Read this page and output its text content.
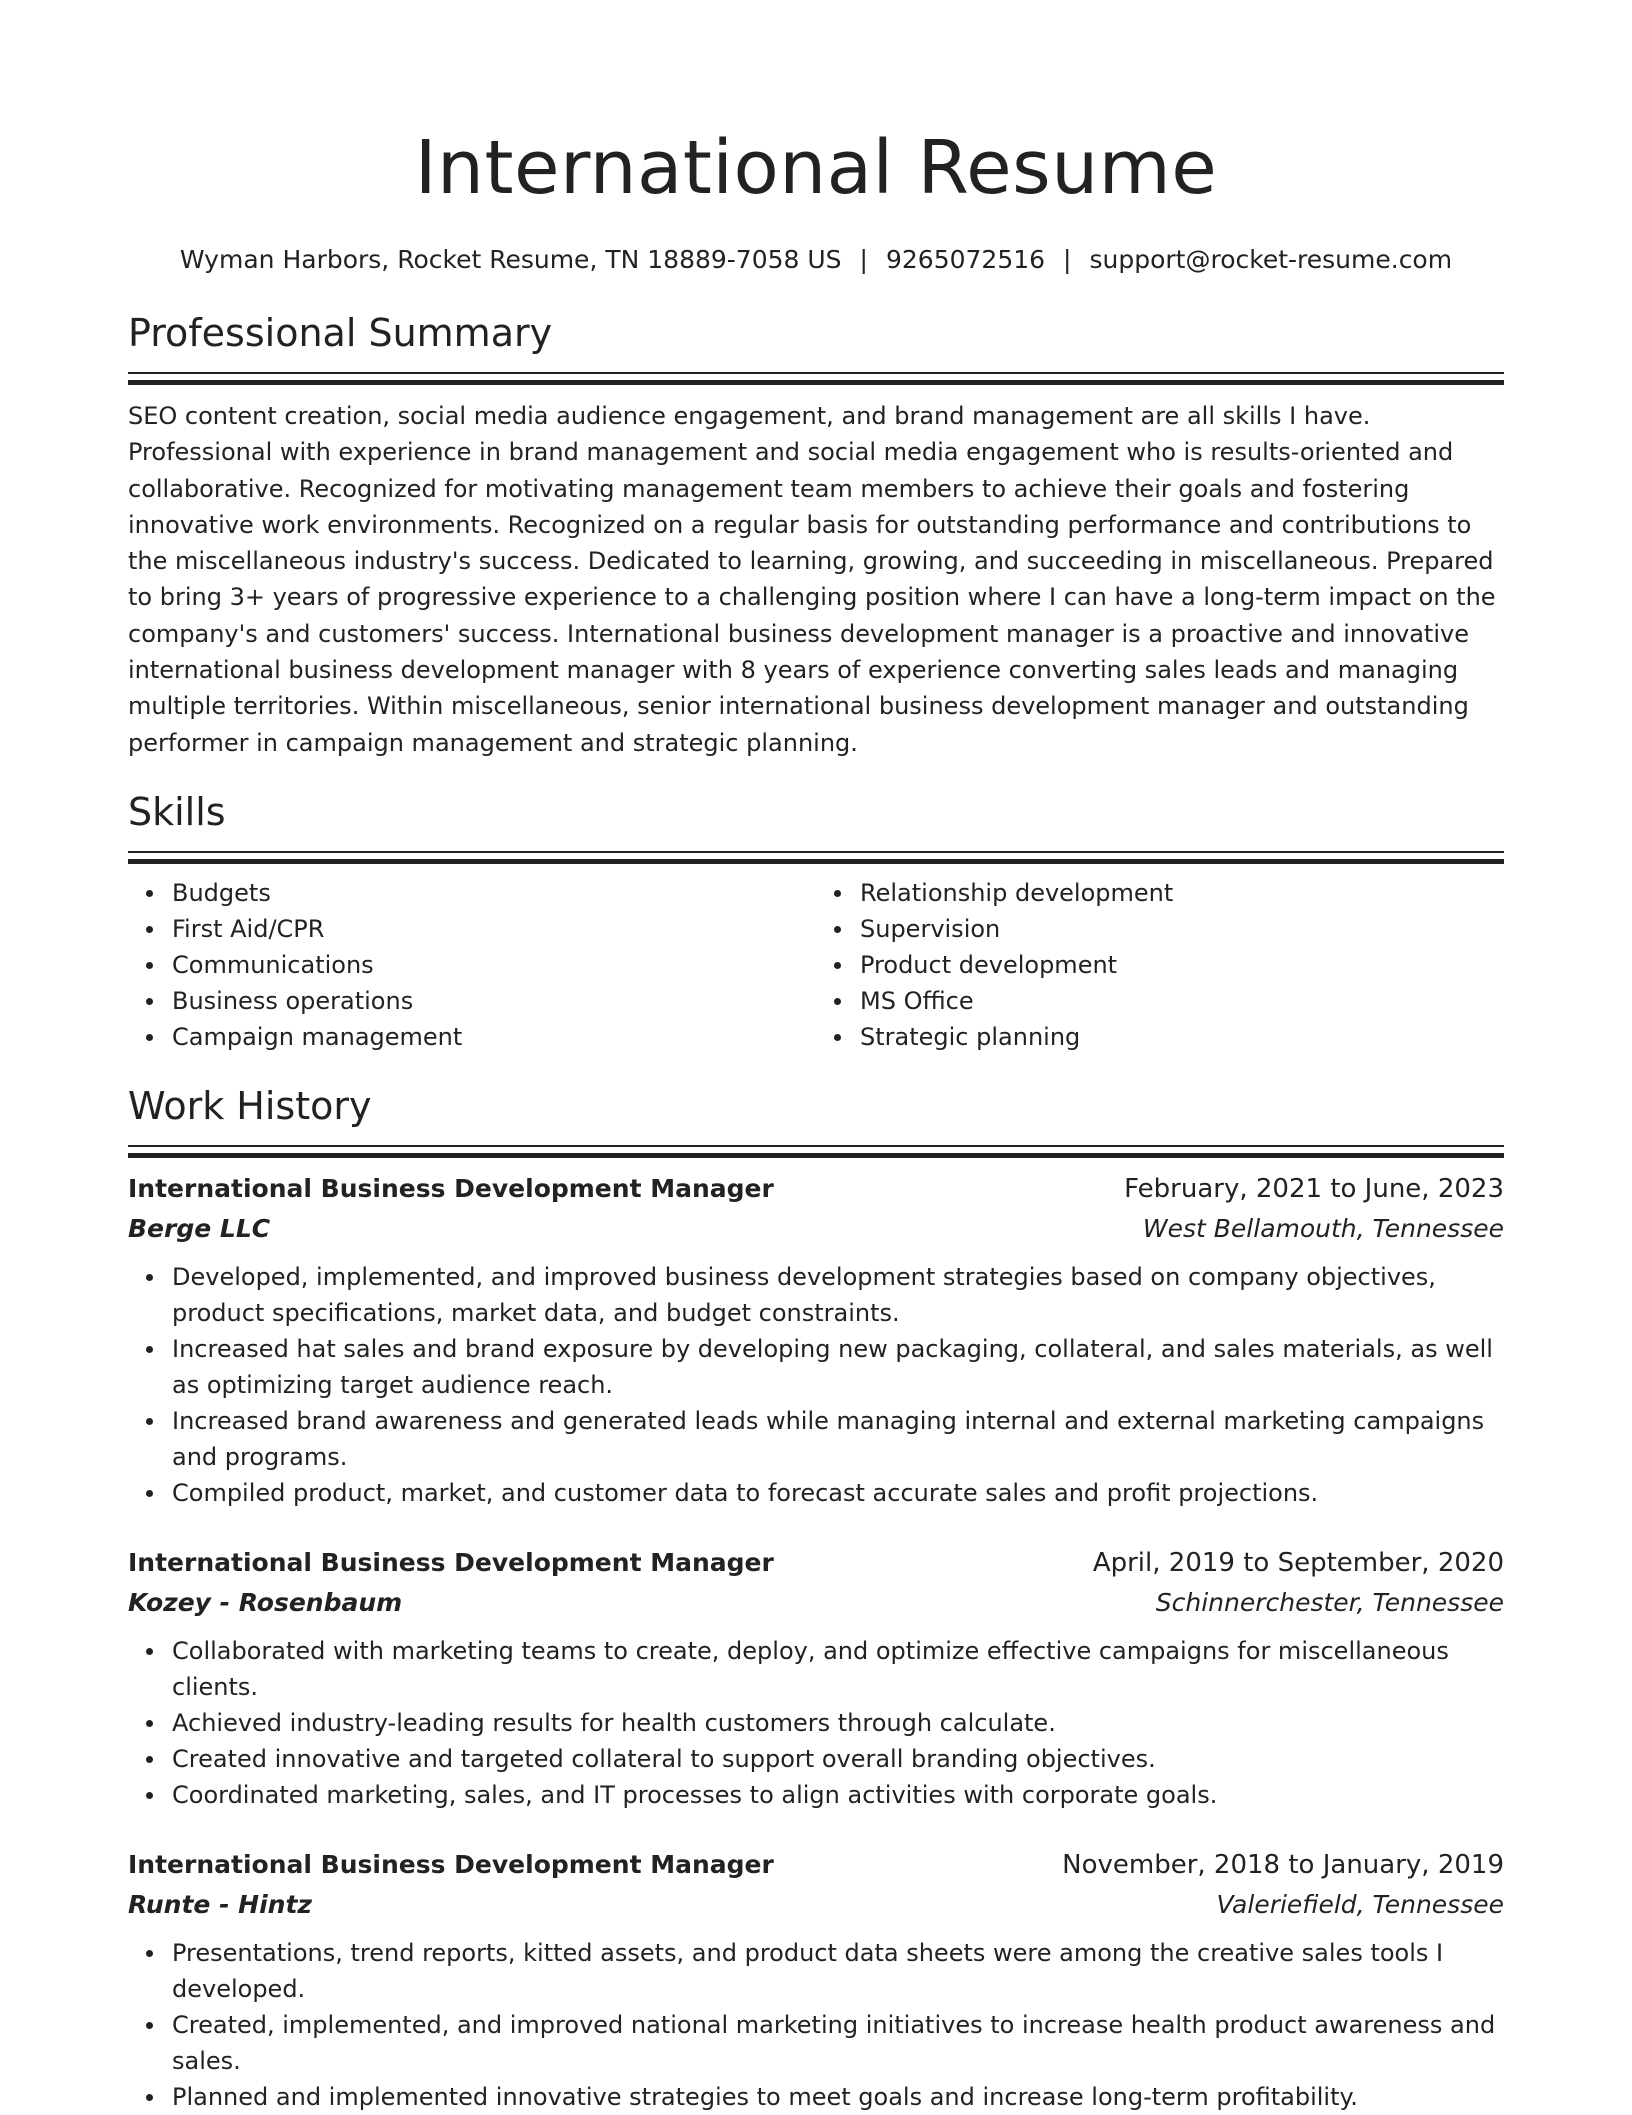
International Resume
Wyman Harbors, Rocket Resume, TN 18889-7058 US | 9265072516 | support@rocket-resume.com
Professional Summary

SEO content creation, social media audience engagement, and brand management are all skills I have. Professional with experience in brand management and social media engagement who is results-oriented and collaborative. Recognized for motivating management team members to achieve their goals and fostering innovative work environments. Recognized on a regular basis for outstanding performance and contributions to the miscellaneous industry's success. Dedicated to learning, growing, and succeeding in miscellaneous. Prepared to bring 3+ years of progressive experience to a challenging position where I can have a long-term impact on the company's and customers' success. International business development manager is a proactive and innovative international business development manager with 8 years of experience converting sales leads and managing multiple territories. Within miscellaneous, senior international business development manager and outstanding performer in campaign management and strategic planning.

Skills
Budgets
First Aid/CPR
Communications
Business operations
Campaign management
Relationship development
Supervision
Product development
MS Office
Strategic planning
Work History
International Business Development Manager	February, 2021 to June, 2023
Berge LLC	West Bellamouth, Tennessee
Developed, implemented, and improved business development strategies based on company objectives, product specifications, market data, and budget constraints.
Increased hat sales and brand exposure by developing new packaging, collateral, and sales materials, as well as optimizing target audience reach.
Increased brand awareness and generated leads while managing internal and external marketing campaigns and programs.
Compiled product, market, and customer data to forecast accurate sales and profit projections.
International Business Development Manager	April, 2019 to September, 2020
Kozey - Rosenbaum	Schinnerchester, Tennessee
Collaborated with marketing teams to create, deploy, and optimize effective campaigns for miscellaneous clients.
Achieved industry-leading results for health customers through calculate.
Created innovative and targeted collateral to support overall branding objectives.
Coordinated marketing, sales, and IT processes to align activities with corporate goals.
International Business Development Manager	November, 2018 to January, 2019
Runte - Hintz	Valeriefield, Tennessee
Presentations, trend reports, kitted assets, and product data sheets were among the creative sales tools I developed.
Created, implemented, and improved national marketing initiatives to increase health product awareness and sales.
Planned and implemented innovative strategies to meet goals and increase long-term profitability.
